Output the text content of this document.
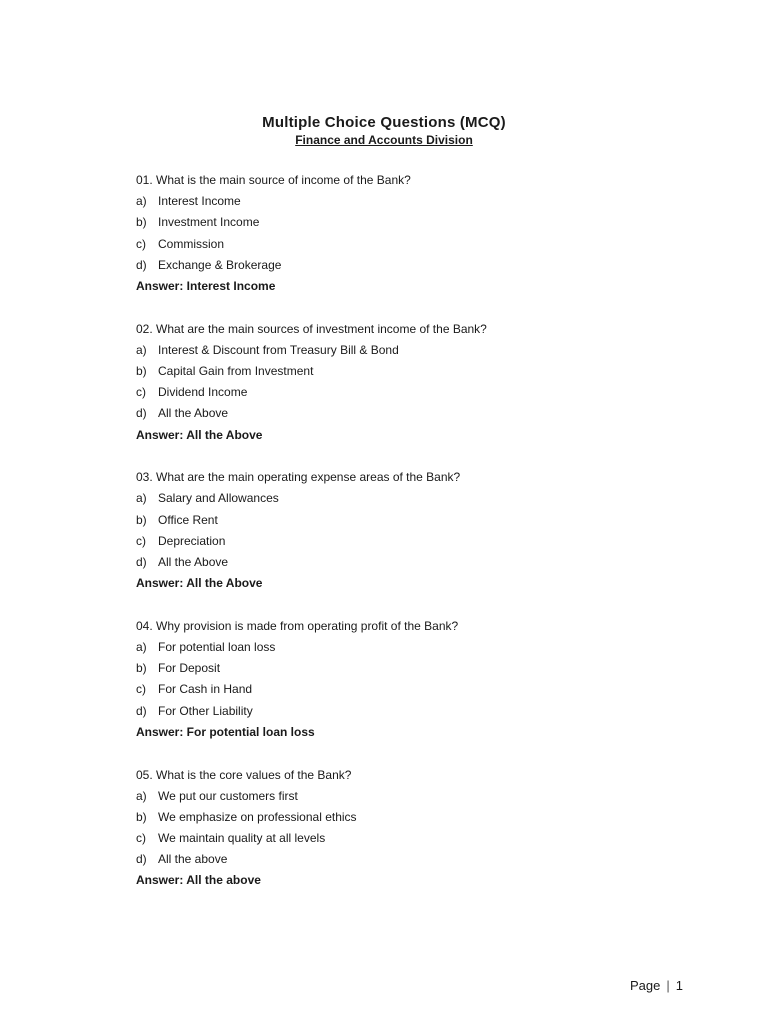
Multiple Choice Questions (MCQ)
Finance and Accounts Division
01. What is the main source of income of the Bank?
a) Interest Income
b) Investment Income
c)	Commission
d) Exchange & Brokerage
Answer: Interest Income
02. What are the main sources of investment income of the Bank?
a) Interest & Discount from Treasury Bill & Bond
b) Capital Gain from Investment
c)	Dividend Income
d) All the Above
Answer: All the Above
03. What are the main operating expense areas of the Bank?
a) Salary and Allowances
b) Office Rent
c)	Depreciation
d) All the Above
Answer: All the Above
04. Why provision is made from operating profit of the Bank?
a) For potential loan loss
b) For Deposit
c)	For Cash in Hand
d) For Other Liability
Answer: For potential loan loss
05. What is the core values of the Bank?
a) We put our customers first
b) We emphasize on professional ethics
c)	We maintain quality at all levels
d) All the above
Answer: All the above
Page | 1
